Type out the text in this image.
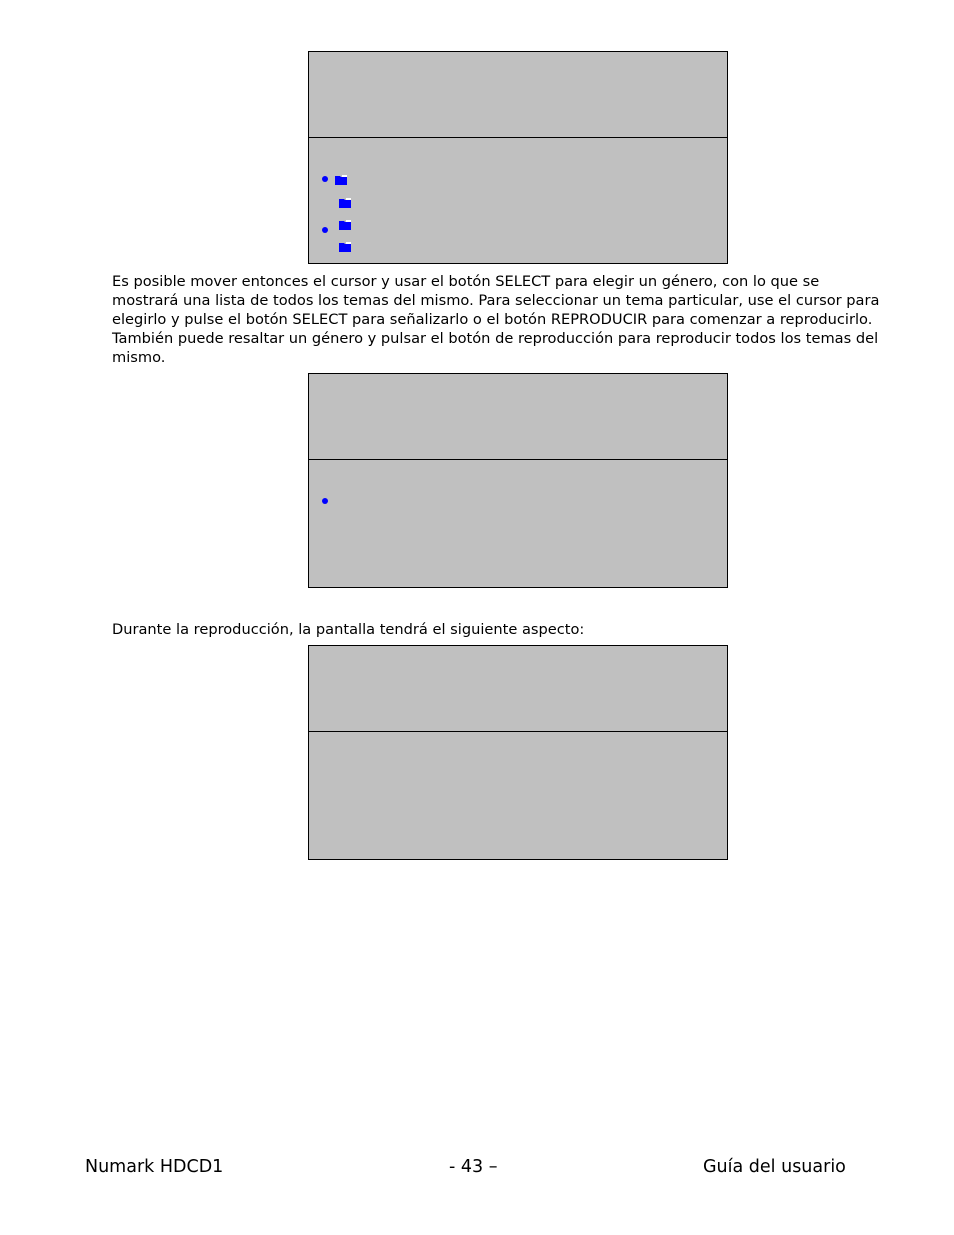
Es posible mover entonces el cursor y usar el botón SELECT para elegir un género, con lo que se mostrará una lista de todos los temas del mismo. Para seleccionar un tema particular, use el cursor para elegirlo y pulse el botón SELECT para señalizarlo o el botón REPRODUCIR para comenzar a reproducirlo. También puede resaltar un género y pulsar el botón de reproducción para reproducir todos los temas del mismo.

Durante la reproducción, la pantalla tendrá el siguiente aspecto:

Numark HDCD1	- 43 –	Guía del usuario
